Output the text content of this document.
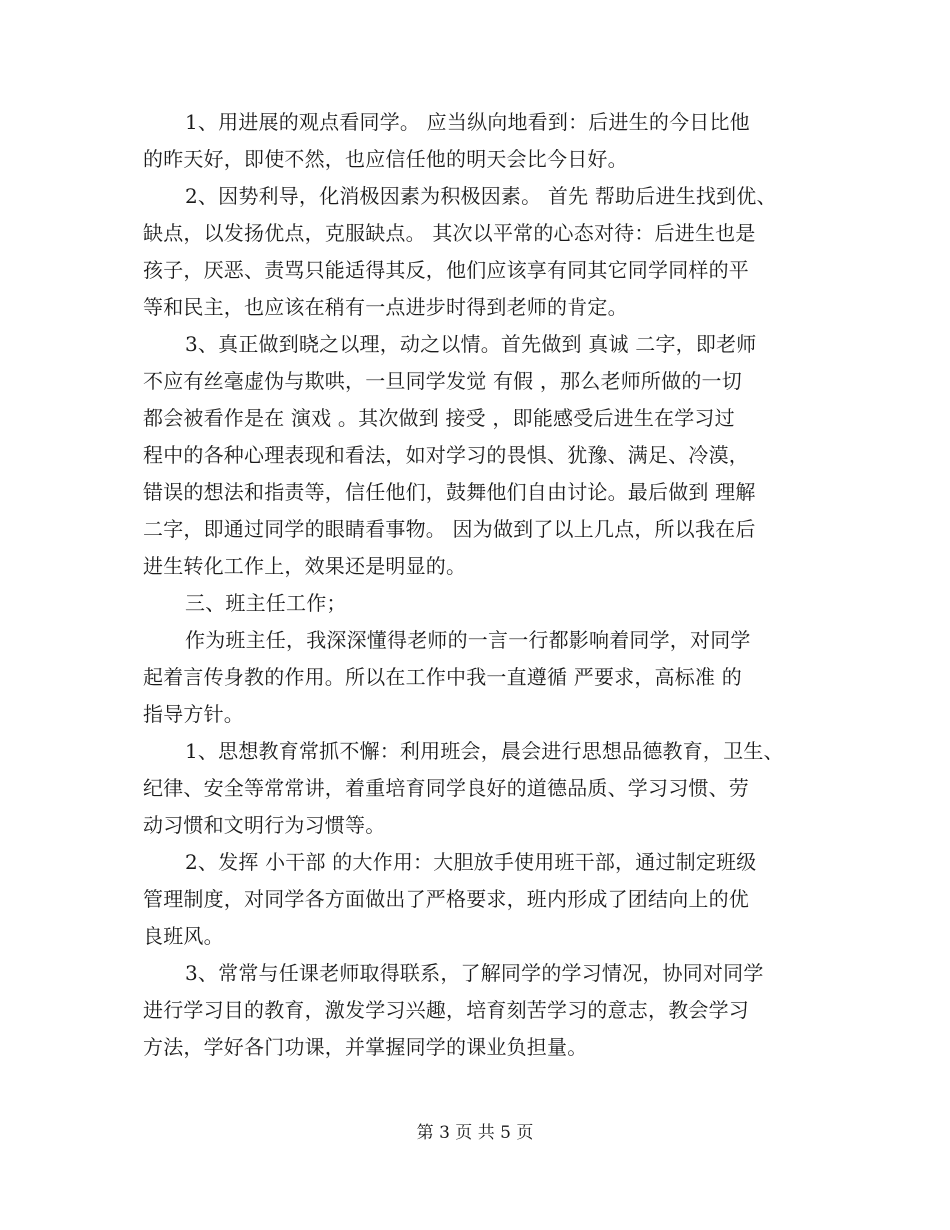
1、用进展的观点看同学。 应当纵向地看到：后进生的今日比他
的昨天好，即使不然，也应信任他的明天会比今日好。
2、因势利导，化消极因素为积极因素。 首先 帮助后进生找到优、
缺点，以发扬优点，克服缺点。 其次以平常的心态对待：后进生也是
孩子，厌恶、责骂只能适得其反，他们应该享有同其它同学同样的平
等和民主，也应该在稍有一点进步时得到老师的肯定。
3、真正做到晓之以理，动之以情。首先做到 真诚 二字，即老师
不应有丝毫虚伪与欺哄，一旦同学发觉 有假 ，那么老师所做的一切
都会被看作是在 演戏 。其次做到 接受 ，即能感受后进生在学习过
程中的各种心理表现和看法，如对学习的畏惧、犹豫、满足、冷漠，
错误的想法和指责等，信任他们，鼓舞他们自由讨论。最后做到 理解
二字，即通过同学的眼睛看事物。 因为做到了以上几点，所以我在后
进生转化工作上，效果还是明显的。
三、班主任工作；
作为班主任，我深深懂得老师的一言一行都影响着同学，对同学
起着言传身教的作用。所以在工作中我一直遵循 严要求，高标准 的
指导方针。
1、思想教育常抓不懈：利用班会，晨会进行思想品德教育，卫生、
纪律、安全等常常讲，着重培育同学良好的道德品质、学习习惯、劳
动习惯和文明行为习惯等。
2、发挥 小干部 的大作用：大胆放手使用班干部，通过制定班级
管理制度，对同学各方面做出了严格要求，班内形成了团结向上的优
良班风。
3、常常与任课老师取得联系，了解同学的学习情况，协同对同学
进行学习目的教育，激发学习兴趣，培育刻苦学习的意志，教会学习
方法，学好各门功课，并掌握同学的课业负担量。
第 3 页 共 5 页
